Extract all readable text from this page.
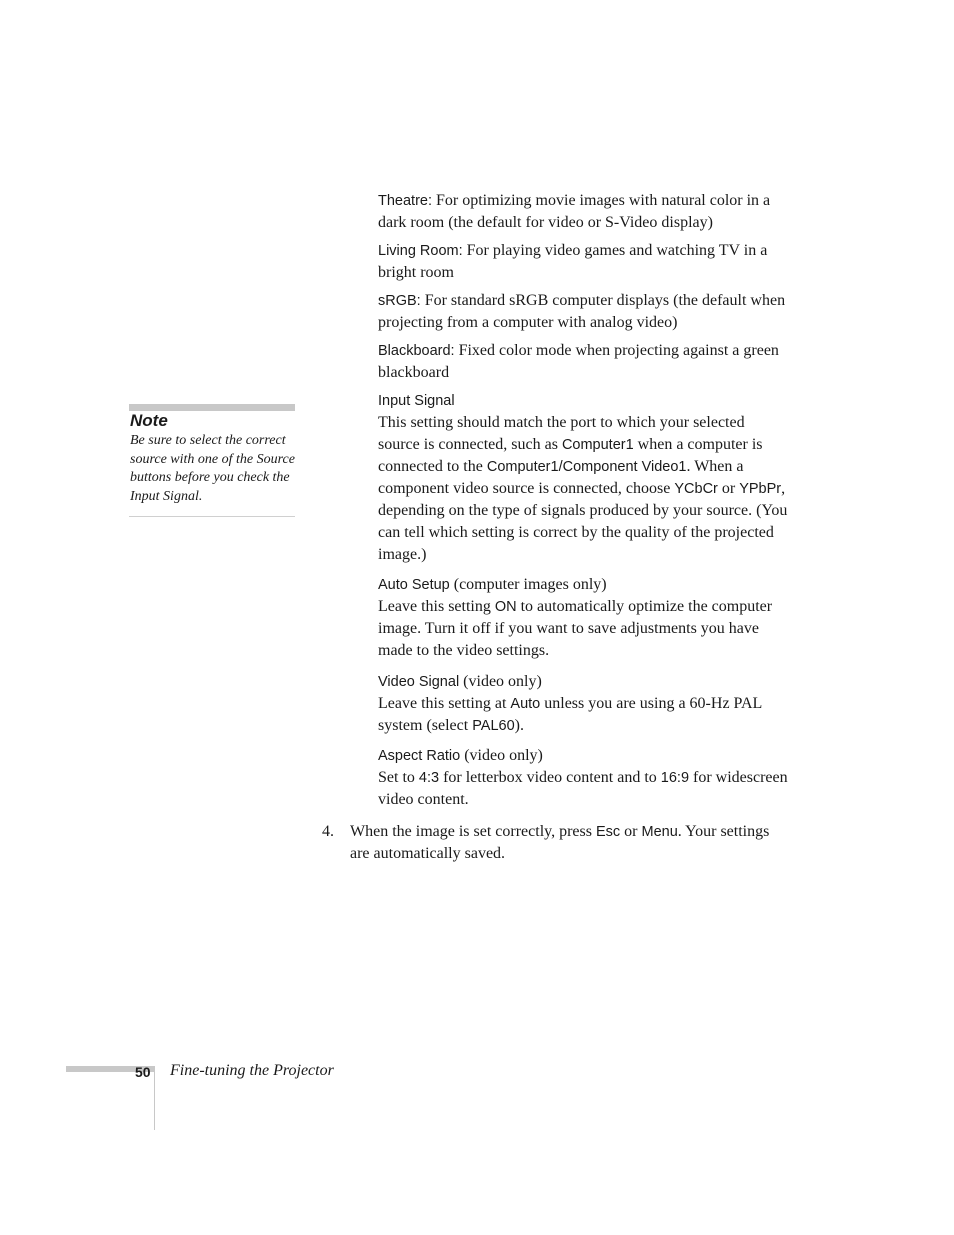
Note
Be sure to select the correct source with one of the Source buttons before you check the Input Signal.

Theatre: For optimizing movie images with natural color in a dark room (the default for video or S-Video display)

Living Room: For playing video games and watching TV in a bright room

sRGB: For standard sRGB computer displays (the default when projecting from a computer with analog video)

Blackboard: Fixed color mode when projecting against a green blackboard

Input Signal

This setting should match the port to which your selected source is connected, such as Computer1 when a computer is connected to the Computer1/Component Video1. When a component video source is connected, choose YCbCr or YPbPr, depending on the type of signals produced by your source. (You can tell which setting is correct by the quality of the projected image.)

Auto Setup (computer images only)

Leave this setting ON to automatically optimize the computer image. Turn it off if you want to save adjustments you have made to the video settings.

Video Signal (video only)

Leave this setting at Auto unless you are using a 60-Hz PAL system (select PAL60).

Aspect Ratio (video only)

Set to 4:3 for letterbox video content and to 16:9 for widescreen video content.

4. When the image is set correctly, press Esc or Menu. Your settings are automatically saved.
50 Fine-tuning the Projector
